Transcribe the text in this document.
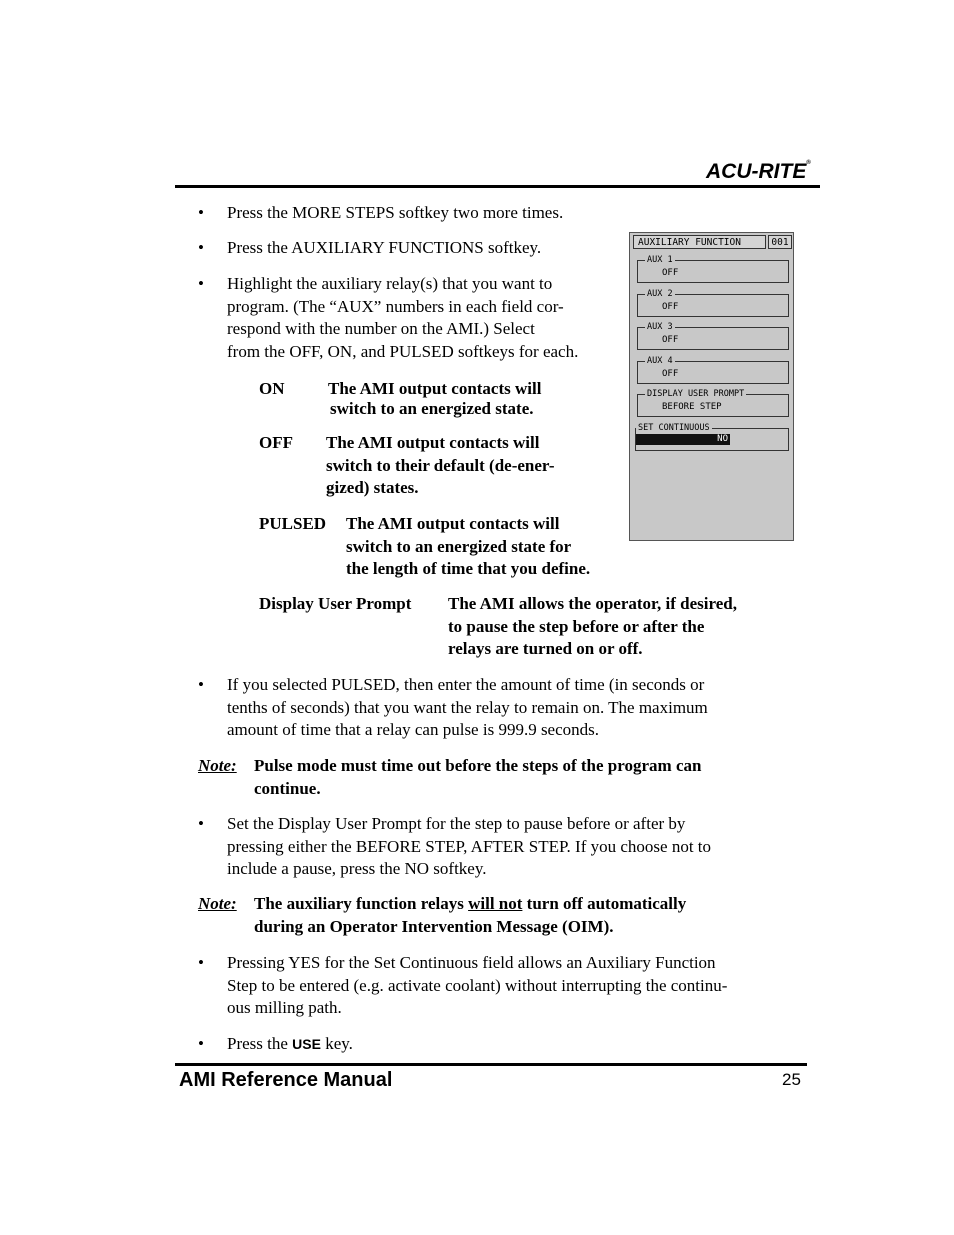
ACU-RITE®
• Press the MORE STEPS softkey two more times.
• Press the AUXILIARY FUNCTIONS softkey.
• Highlight the auxiliary relay(s) that you want to
program. (The “AUX” numbers in each field cor-
respond with the number on the AMI.) Select
from the OFF, ON, and PULSED softkeys for each.
ON	The AMI output contacts will
switch to an energized state.
OFF The AMI output contacts will
switch to their default (de-ener-
gized) states.
PULSED The AMI output contacts will
switch to an energized state for
the length of time that you define.
Display User Prompt The AMI allows the operator, if desired,
to pause the step before or after the
relays are turned on or off.
• If you selected PULSED, then enter the amount of time (in seconds or
tenths of seconds) that you want the relay to remain on. The maximum
amount of time that a relay can pulse is 999.9 seconds.
Note: Pulse mode must time out before the steps of the program can
continue.
• Set the Display User Prompt for the step to pause before or after by
pressing either the BEFORE STEP, AFTER STEP. If you choose not to
include a pause, press the NO softkey.
Note: The auxiliary function relays will not turn off automatically
during an Operator Intervention Message (OIM).
• Pressing YES for the Set Continuous field allows an Auxiliary Function
Step to be entered (e.g. activate coolant) without interrupting the continu-
ous milling path.
• Press the USE key.
AUXILIARY FUNCTION	001
AUX 1
OFF
AUX 2
OFF
AUX 3
OFF
AUX 4
OFF
DISPLAY USER PROMPT
BEFORE STEP
SET CONTINUOUS
NO
AMI Reference Manual	25
